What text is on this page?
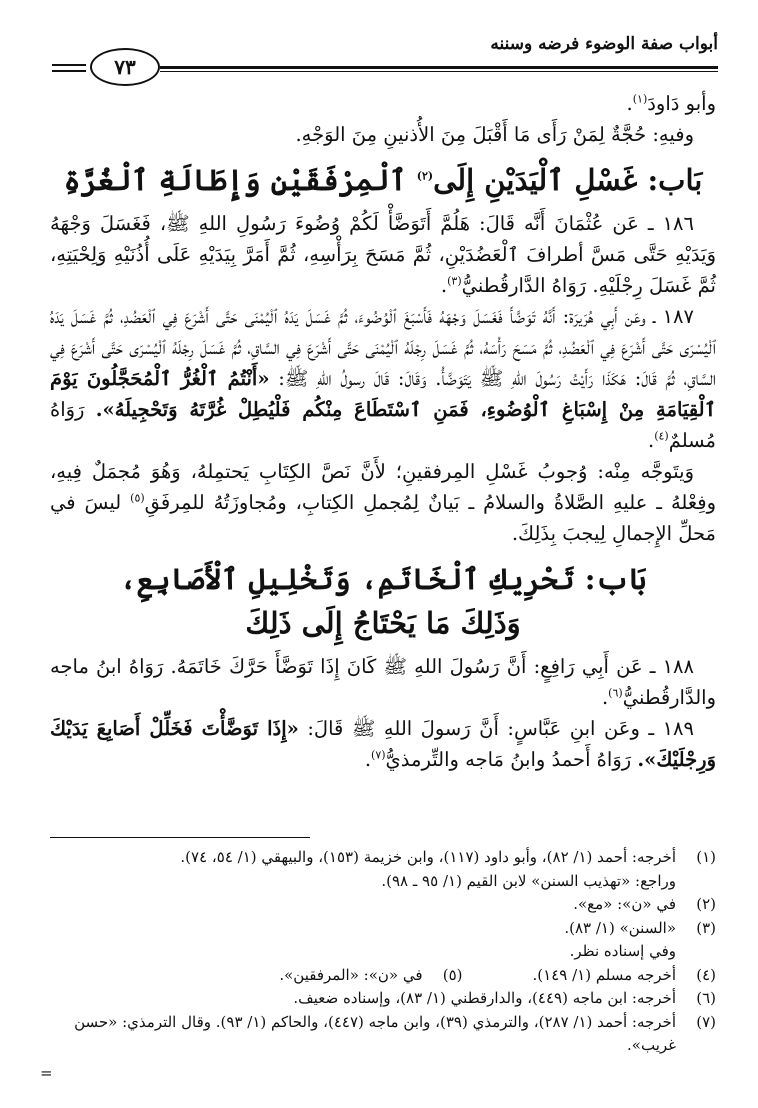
أبواب صفة الوضوء فرضه وسننه
٧٣

وأبو دَاودَ$^{(١)}$.

وفيهِ: حُجَّةٌ لِمَنْ رَأَى مَا أَقْبَلَ مِنَ الأُذنينِ مِنَ الوَجْهِ.

بَاب: غَسْلِ ٱلْيَدَيْنِ إِلَى$^{(٢)}$ ٱلْمِرْفَقَيْنِ وَإِطَالَةِ ٱلْغُرَّةِ

١٨٦ ـ عَن عُثْمَانَ أَنَّه قَالَ: هَلُمَّ أَتَوَضَّأْ لَكُمْ وُضُوءَ رَسُولِ اللهِ ﷺ، فَغَسَلَ وَجْهَهُ وَيَدَيْهِ حَتَّى مَسَّ أطرافَ ٱلْعَضُدَيْنِ، ثُمَّ مَسَحَ بِرَأْسِهِ، ثُمَّ أَمَرَّ بِيَدَيْهِ عَلَى أُذُنَيْهِ وَلِحْيَتِهِ، ثُمَّ غَسَلَ رِجْلَيْهِ. رَوَاهُ الدَّارقُطنيُّ$^{(٣)}$.

١٨٧ ـ وعَن أَبِي هُرَيرَة: أَنَّهُ تَوَضَّأَ فَغَسَلَ وَجْهَهُ فَأَسْبَغَ ٱلْوُضُوءَ، ثُمَّ غَسَلَ يَدَهُ ٱلْيُمْنَى حَتَّى أَشْرَعَ فِي ٱلْعَضُدِ، ثُمَّ غَسَلَ يَدَهُ ٱلْيُسْرَى حَتَّى أَشْرَعَ فِي ٱلْعَضُدِ، ثُمَّ مَسَحَ رَأْسَهُ، ثُمَّ غَسَلَ رِجْلَهُ ٱلْيُمْنَى حَتَّى أَشْرَعَ فِي السَّاقِ، ثُمَّ غَسَلَ رِجْلَهُ ٱلْيُسْرَى حَتَّى أَشْرَعَ فِي السَّاقِ، ثُمَّ قَالَ: هَكَذَا رَأَيْتُ رَسُولَ اللهِ ﷺ يَتَوَضَّأُ. وَقَالَ: قَالَ رسولُ اللهِ ﷺ: «أَنْتُمُ ٱلْغُرُّ ٱلْمُحَجَّلُونَ يَوْمَ ٱلْقِيَامَةِ مِنْ إِسْبَاغِ ٱلْوُضُوءِ، فَمَنِ ٱسْتَطَاعَ مِنْكُم فَلْيُطِلْ غُرَّتَهُ وَتَحْجِيلَهُ». رَوَاهُ مُسلمٌ$^{(٤)}$.

وَيتَوجَّه مِنْه: وُجوبُ غَسْلِ المِرفقينِ؛ لأَنَّ نَصَّ الكِتَابِ يَحتمِلهُ، وَهُوَ مُجمَلٌ فِيهِ، وفِعْلهُ ـ عليهِ الصَّلاةُ والسلامُ ـ بَيانٌ لِمُجملِ الكِتابِ، ومُجاوزَتُهُ للمِرفَقِ$^{(٥)}$ ليسَ في مَحلِّ الإِجمالِ لِيجبَ بِذَلِكَ.

بَاب: تَحْرِيكِ ٱلْخَاتَمِ، وَتَخْلِيلِ ٱلْأَصَابِعِ،
وَذَلِكَ مَا يَحْتَاجُ إِلَى ذَلِكَ

١٨٨ ـ عَن أَبِي رَافِعٍ: أَنَّ رَسُولَ اللهِ ﷺ كَانَ إِذَا تَوَضَّأَ حَرَّكَ خَاتَمَهُ. رَوَاهُ ابنُ ماجه والدَّارقُطنيُّ$^{(٦)}$.

١٨٩ ـ وعَن ابنِ عَبَّاسٍ: أَنَّ رَسولَ اللهِ ﷺ قَالَ: «إِذَا تَوَضَّأْتَ فَخَلِّلْ أَصَابِعَ يَدَيْكَ وَرِجْلَيْكَ». رَوَاهُ أَحمدُ وابنُ مَاجه والتِّرمذيُّ$^{(٧)}$.

(١)
أخرجه: أحمد (١/ ٨٢)، وأبو داود (١١٧)، وابن خزيمة (١٥٣)، والبيهقي (١/ ٥٤، ٧٤).
وراجع: «تهذيب السنن» لابن القيم (١/ ٩٥ ـ ٩٨).
(٢)
في «ن»: «مع».
(٣)
«السنن» (١/ ٨٣).
وفي إسناده نظر.
(٤)
أخرجه مسلم (١/ ١٤٩).
(٥)
في «ن»: «المرفقين».
(٦)
أخرجه: ابن ماجه (٤٤٩)، والدارقطني (١/ ٨٣)، وإسناده ضعيف.
(٧)
أخرجه: أحمد (١/ ٢٨٧)، والترمذي (٣٩)، وابن ماجه (٤٤٧)، والحاكم (١/ ٩٣). وقال الترمذي: «حسن غريب».
=
